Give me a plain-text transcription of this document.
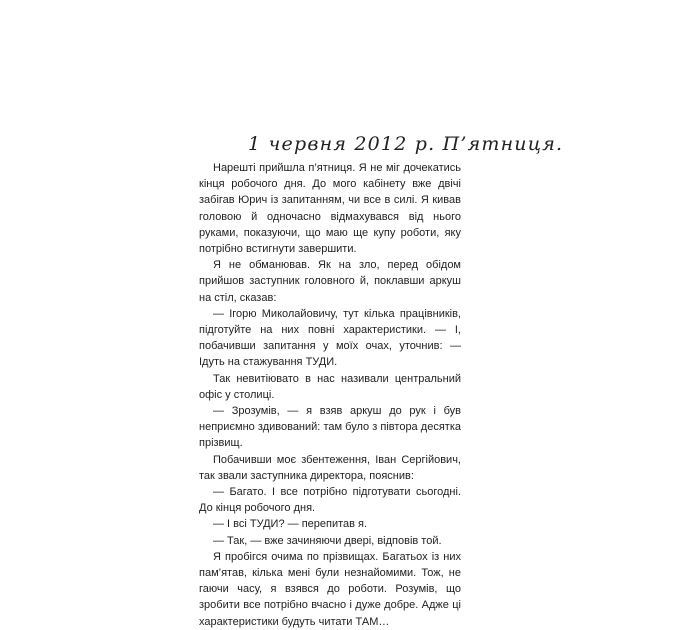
1 червня 2012 р. П’ятниця.

Нарешті прийшла п’ятниця. Я не міг дочекатись кінця робочого дня. До мого кабінету вже двічі забігав Юрич із запитанням, чи все в силі. Я кивав головою й одночасно відмахувався від нього руками, показуючи, що маю ще купу роботи, яку потрібно встигнути завершити.

Я не обманював. Як на зло, перед обідом прийшов заступник головного й, поклавши аркуш на стіл, сказав:

— Ігорю Миколайовичу, тут кілька працівників, підготуйте на них повні характеристики. — І, побачивши запитання у моїх очах, уточнив: — Ідуть на стажування ТУДИ.

Так невитіювато в нас називали центральний офіс у столиці.

— Зрозумів, — я взяв аркуш до рук і був неприємно здивований: там було з півтора десятка прізвищ.

Побачивши моє збентеження, Іван Сергійович, так звали заступника директора, пояснив:

— Багато. І все потрібно підготувати сьогодні. До кінця робочого дня.

— І всі ТУДИ? — перепитав я.

— Так, — вже зачиняючи двері, відповів той.

Я пробігся очима по прізвищах. Багатьох із них пам’ятав, кілька мені були незнайомими. Тож, не гаючи часу, я взявся до роботи. Розумів, що зробити все потрібно вчасно і дуже добре. Адже ці характеристики будуть читати ТАМ…
